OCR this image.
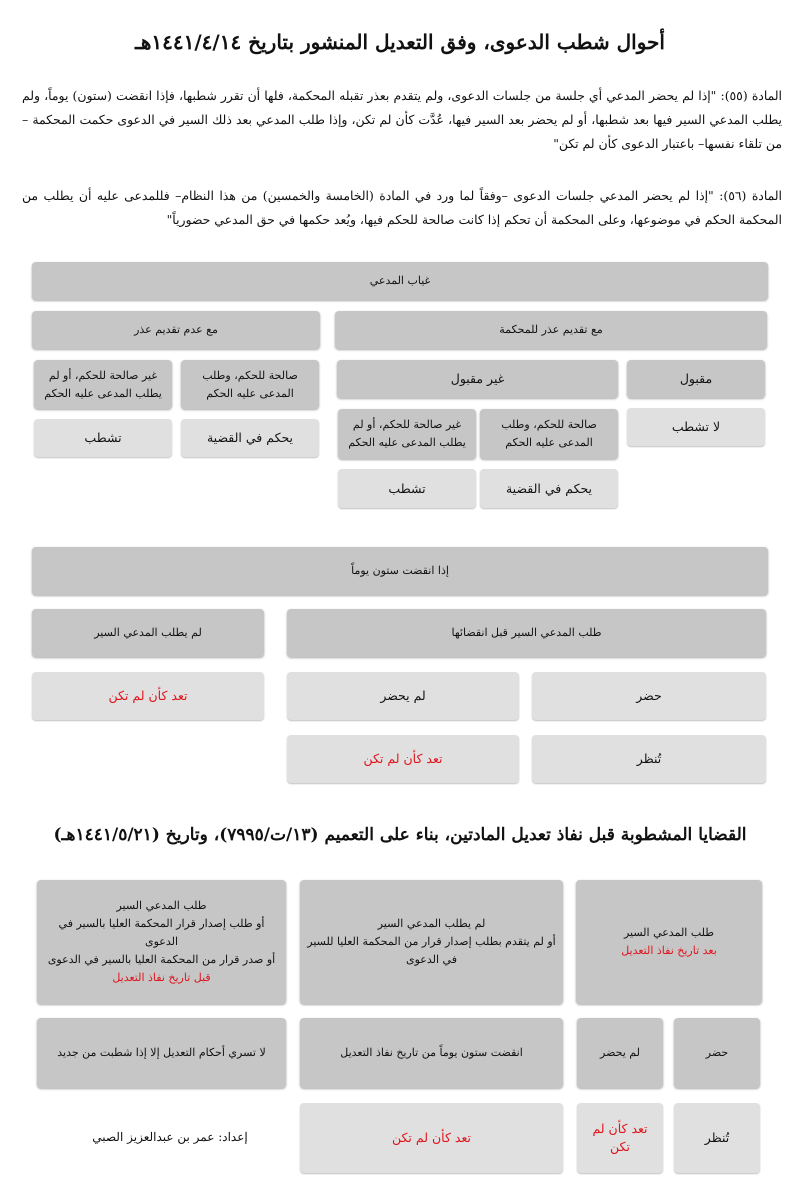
أحوال شطب الدعوى، وفق التعديل المنشور بتاريخ ١٤٤١/٤/١٤هـ
المادة (٥٥): "إذا لم يحضر المدعي أي جلسة من جلسات الدعوى، ولم يتقدم بعذر تقبله المحكمة، فلها أن تقرر شطبها، فإذا انقضت (ستون) يوماً، ولم يطلب المدعي السير فيها بعد شطبها، أو لم يحضر بعد السير فيها، عُدَّت كأن لم تكن، وإذا طلب المدعي بعد ذلك السير في الدعوى حكمت المحكمة –من تلقاء نفسها– باعتبار الدعوى كأن لم تكن"
المادة (٥٦): "إذا لم يحضر المدعي جلسات الدعوى –وفقاً لما ورد في المادة (الخامسة والخمسين) من هذا النظام– فللمدعى عليه أن يطلب من المحكمة الحكم في موضوعها، وعلى المحكمة أن تحكم إذا كانت صالحة للحكم فيها، ويُعد حكمها في حق المدعي حضورياً"
غياب المدعي
مع تقديم عذر للمحكمة
مع عدم تقديم عذر
مقبول
غير مقبول
صالحة للحكم، وطلب المدعى عليه الحكم
غير صالحة للحكم، أو لم يطلب المدعى عليه الحكم
لا تشطب
صالحة للحكم، وطلب المدعى عليه الحكم
غير صالحة للحكم، أو لم يطلب المدعى عليه الحكم
يحكم في القضية
تشطب
يحكم في القضية
تشطب
إذا انقضت ستون يوماً
طلب المدعي السير قبل انقضائها
لم يطلب المدعي السير
حضر
لم يحضر
تعد كأن لم تكن
تُنظر
تعد كأن لم تكن
القضايا المشطوبة قبل نفاذ تعديل المادتين، بناء على التعميم (١٣/ت/٧٩٩٥)، وتاريخ (١٤٤١/٥/٢١هـ)
طلب المدعي السير
بعد تاريخ نفاذ التعديل
لم يطلب المدعي السير
أو لم يتقدم بطلب إصدار قرار من المحكمة العليا للسير في الدعوى
طلب المدعي السير
أو طلب إصدار قرار المحكمة العليا بالسير في الدعوى
أو صدر قرار من المحكمة العليا بالسير في الدعوى
قبل تاريخ نفاذ التعديل
حضر
لم يحضر
انقضت ستون يوماً من تاريخ نفاذ التعديل
لا تسري أحكام التعديل إلا إذا شطبت من جديد
تُنظر
تعد كأن لم تكن
تعد كأن لم تكن
إعداد: عمر بن عبدالعزيز الصبي
